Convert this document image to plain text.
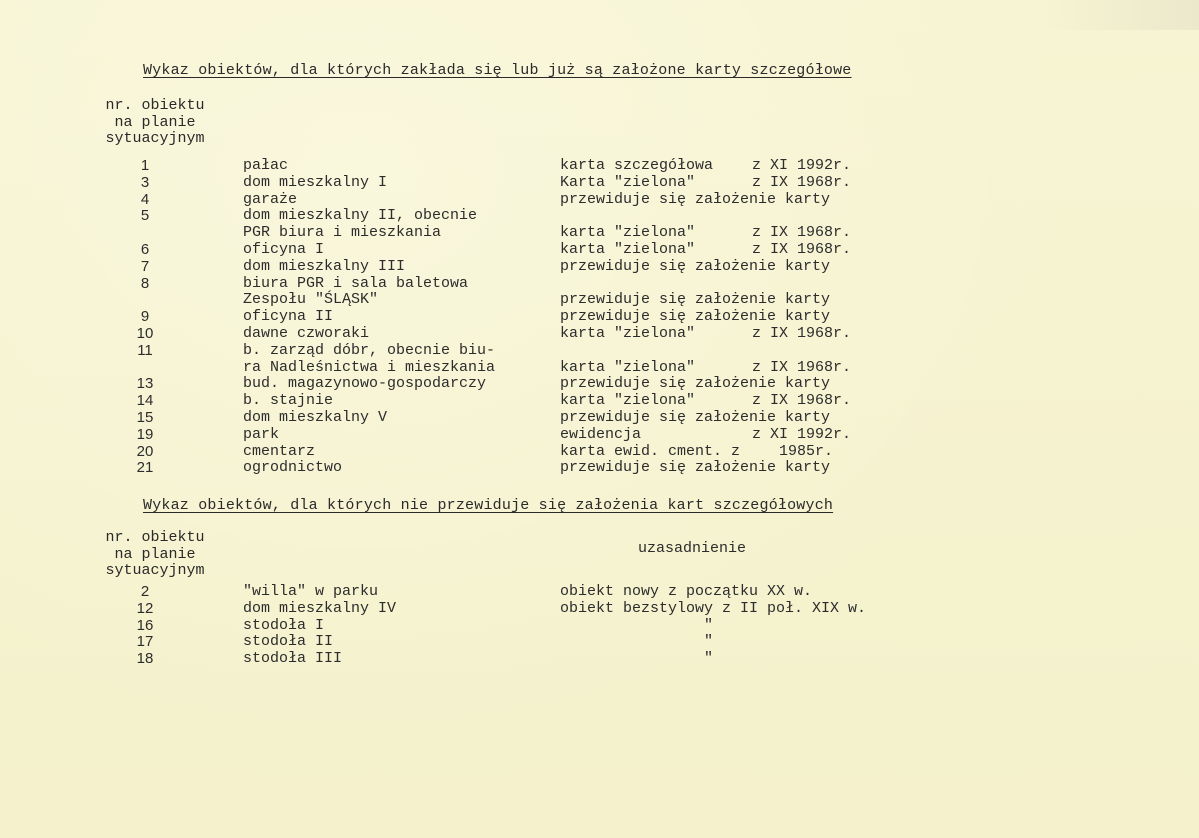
Wykaz obiektów, dla których zakłada się lub już są założone karty szczegółowe
nr. obiektu
na planie
sytuacyjnym
1	pałac	karta szczegółowa	z XI 1992r.
3	dom mieszkalny I	Karta "zielona"	z IX 1968r.
4	garaże	przewiduje się założenie karty
5	dom mieszkalny II, obecnie
PGR biura i mieszkania	karta "zielona"	z IX 1968r.
6	oficyna I	karta "zielona"	z IX 1968r.
7	dom mieszkalny III	przewiduje się założenie karty
8	biura PGR i sala baletowa
Zespołu "ŚLĄSK"	przewiduje się założenie karty
9	oficyna II	przewiduje się założenie karty
10	dawne czworaki	karta "zielona"	z IX 1968r.
11	b. zarząd dóbr, obecnie biu-
ra Nadleśnictwa i mieszkania	karta "zielona"	z IX 1968r.
13	bud. magazynowo-gospodarczy	przewiduje się założenie karty
14	b. stajnie	karta "zielona"	z IX 1968r.
15	dom mieszkalny V	przewiduje się założenie karty
19	park	ewidencja	z XI 1992r.
20	cmentarz	karta ewid. cment. z 1985r.
21	ogrodnictwo	przewiduje się założenie karty
Wykaz obiektów, dla których nie przewiduje się założenia kart szczegółowych
nr. obiektu
na planie
sytuacyjnym
uzasadnienie
2	"willa" w parku	obiekt nowy z początku XX w.
12	dom mieszkalny IV	obiekt bezstylowy z II poł. XIX w.
16	stodoła I	"
17	stodoła II	"
18	stodoła III	"
